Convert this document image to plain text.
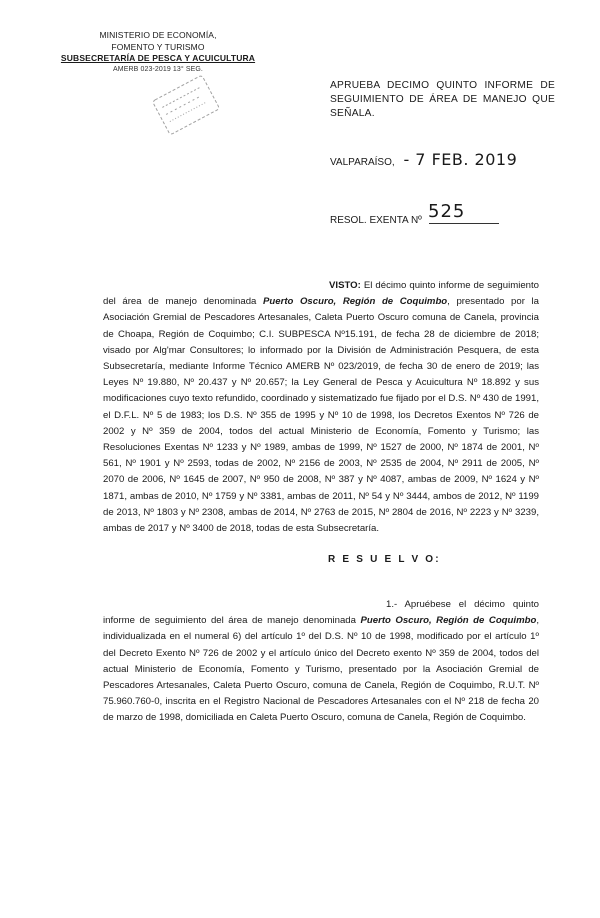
MINISTERIO DE ECONOMÍA,
FOMENTO Y TURISMO
SUBSECRETARÍA DE PESCA Y ACUICULTURA
AMERB 023-2019 13° SEG.
APRUEBA DECIMO QUINTO INFORME DE SEGUIMIENTO DE ÁREA DE MANEJO QUE SEÑALA.
VALPARAÍSO, - 7 FEB. 2019
RESOL. EXENTA Nº 525
VISTO: El décimo quinto informe de seguimiento del área de manejo denominada Puerto Oscuro, Región de Coquimbo, presentado por la Asociación Gremial de Pescadores Artesanales, Caleta Puerto Oscuro comuna de Canela, provincia de Choapa, Región de Coquimbo; C.I. SUBPESCA Nº15.191, de fecha 28 de diciembre de 2018; visado por Alg'mar Consultores; lo informado por la División de Administración Pesquera, de esta Subsecretaría, mediante Informe Técnico AMERB Nº 023/2019, de fecha 30 de enero de 2019; las Leyes Nº 19.880, Nº 20.437 y Nº 20.657; la Ley General de Pesca y Acuicultura Nº 18.892 y sus modificaciones cuyo texto refundido, coordinado y sistematizado fue fijado por el D.S. Nº 430 de 1991, el D.F.L. Nº 5 de 1983; los D.S. Nº 355 de 1995 y Nº 10 de 1998, los Decretos Exentos Nº 726 de 2002 y Nº 359 de 2004, todos del actual Ministerio de Economía, Fomento y Turismo; las Resoluciones Exentas Nº 1233 y Nº 1989, ambas de 1999, Nº 1527 de 2000, Nº 1874 de 2001, Nº 561, Nº 1901 y Nº 2593, todas de 2002, Nº 2156 de 2003, Nº 2535 de 2004, Nº 2911 de 2005, Nº 2070 de 2006, Nº 1645 de 2007, Nº 950 de 2008, Nº 387 y Nº 4087, ambas de 2009, Nº 1624 y Nº 1871, ambas de 2010, Nº 1759 y Nº 3381, ambas de 2011, Nº 54 y Nº 3444, ambos de 2012, Nº 1199 de 2013, Nº 1803 y Nº 2308, ambas de 2014, Nº 2763 de 2015, Nº 2804 de 2016, Nº 2223 y Nº 3239, ambas de 2017 y Nº 3400 de 2018, todas de esta Subsecretaría.
R E S U E L V O:
1.- Apruébese el décimo quinto informe de seguimiento del área de manejo denominada Puerto Oscuro, Región de Coquimbo, individualizada en el numeral 6) del artículo 1º del D.S. Nº 10 de 1998, modificado por el artículo 1º del Decreto Exento Nº 726 de 2002 y el artículo único del Decreto exento Nº 359 de 2004, todos del actual Ministerio de Economía, Fomento y Turismo, presentado por la Asociación Gremial de Pescadores Artesanales, Caleta Puerto Oscuro, comuna de Canela, Región de Coquimbo, R.U.T. Nº 75.960.760-0, inscrita en el Registro Nacional de Pescadores Artesanales con el Nº 218 de fecha 20 de marzo de 1998, domiciliada en Caleta Puerto Oscuro, comuna de Canela, Región de Coquimbo.
